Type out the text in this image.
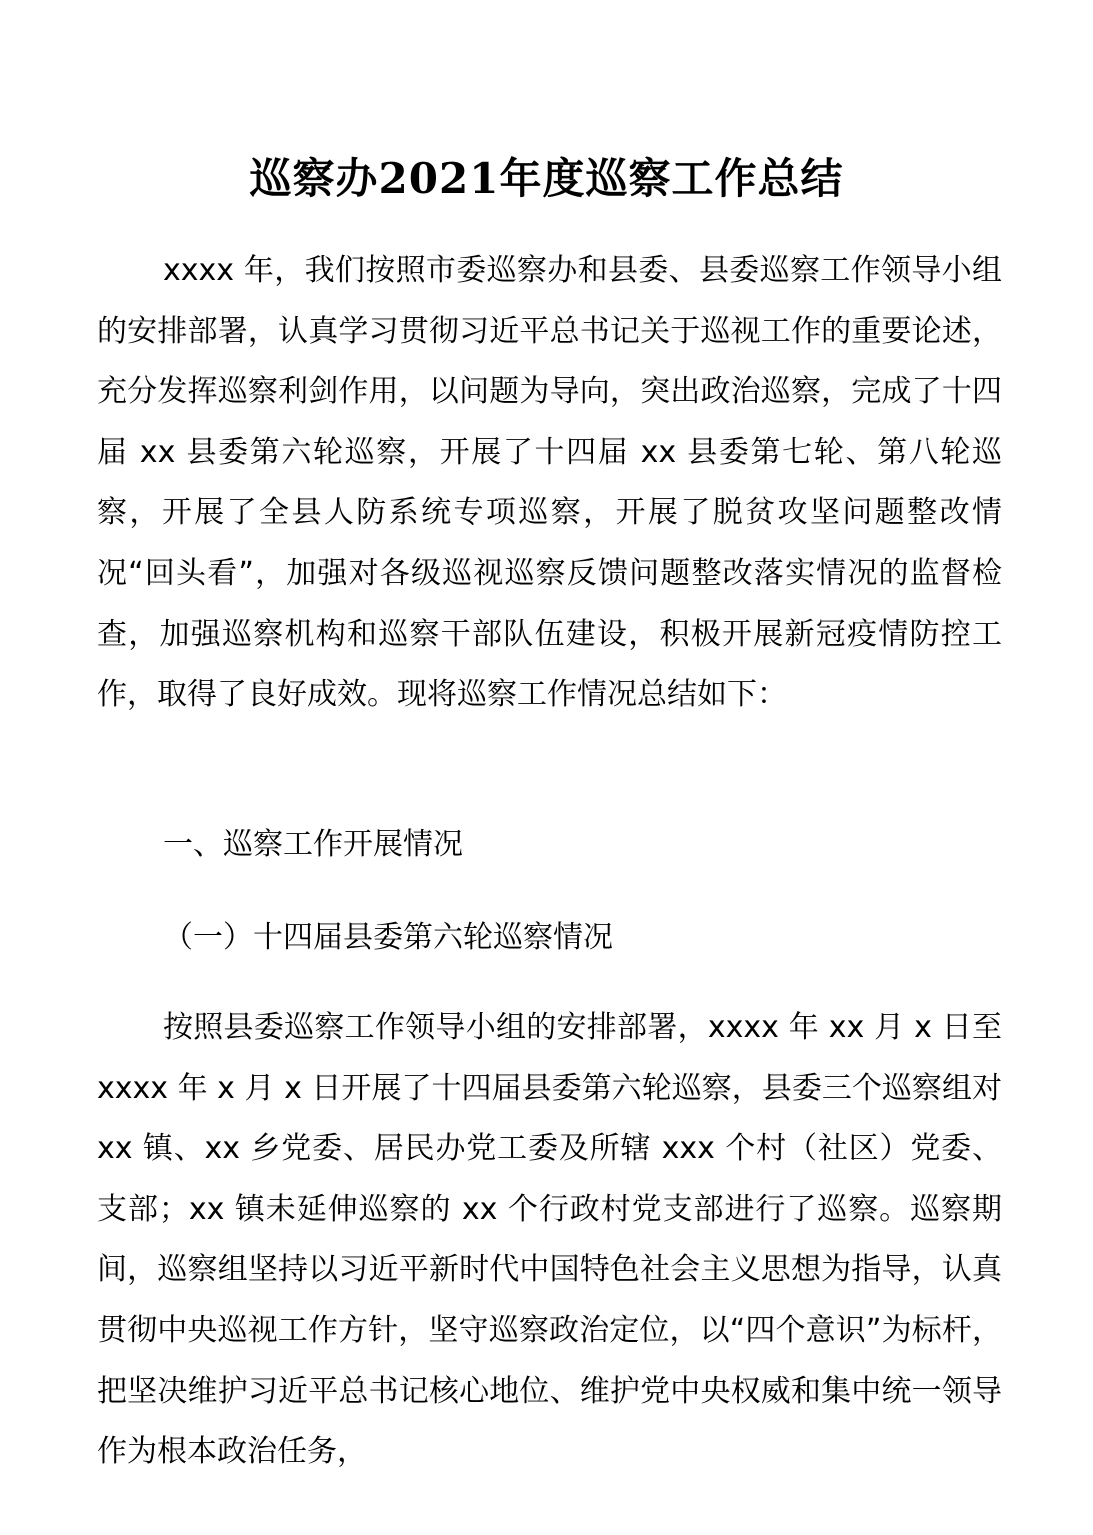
巡察办2021年度巡察工作总结

xxxx 年，我们按照市委巡察办和县委、县委巡察工作领导小组的安排部署，认真学习贯彻习近平总书记关于巡视工作的重要论述，充分发挥巡察利剑作用，以问题为导向，突出政治巡察，完成了十四届 xx 县委第六轮巡察，开展了十四届 xx 县委第七轮、第八轮巡察，开展了全县人防系统专项巡察，开展了脱贫攻坚问题整改情况“回头看”，加强对各级巡视巡察反馈问题整改落实情况的监督检查，加强巡察机构和巡察干部队伍建设，积极开展新冠疫情防控工作，取得了良好成效。现将巡察工作情况总结如下：

一、巡察工作开展情况

（一）十四届县委第六轮巡察情况

按照县委巡察工作领导小组的安排部署，xxxx 年 xx 月 x 日至 xxxx 年 x 月 x 日开展了十四届县委第六轮巡察，县委三个巡察组对 xx 镇、xx 乡党委、居民办党工委及所辖 xxx 个村（社区）党委、支部；xx 镇未延伸巡察的 xx 个行政村党支部进行了巡察。巡察期间，巡察组坚持以习近平新时代中国特色社会主义思想为指导，认真贯彻中央巡视工作方针，坚守巡察政治定位，以“四个意识”为标杆，把坚决维护习近平总书记核心地位、维护党中央权威和集中统一领导作为根本政治任务，
